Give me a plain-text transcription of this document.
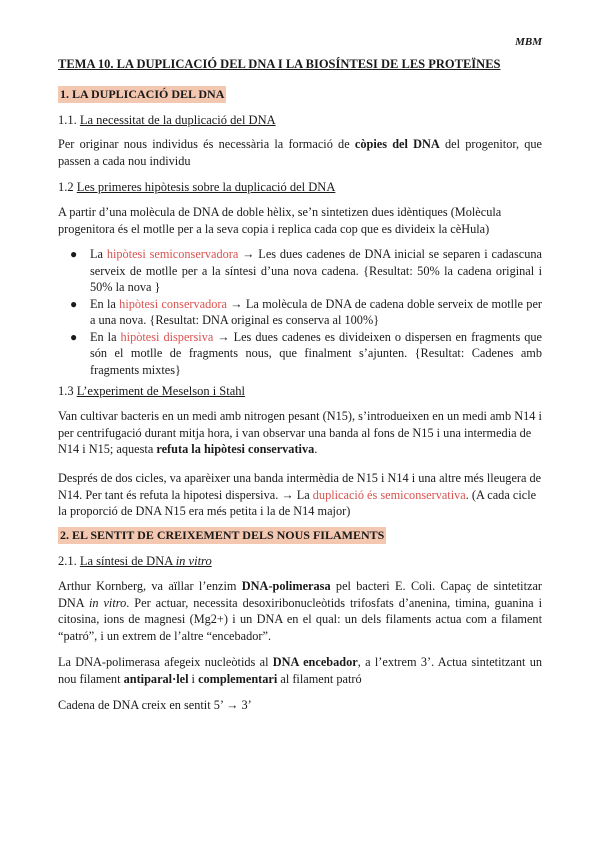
MBM
TEMA 10. LA DUPLICACIÓ DEL DNA I LA BIOSÍNTESI DE LES PROTEÏNES
1. LA DUPLICACIÓ DEL DNA
1.1. La necessitat de la duplicació del DNA
Per originar nous individus és necessària la formació de còpies del DNA del progenitor, que passen a cada nou individu
1.2 Les primeres hipòtesis sobre la duplicació del DNA
A partir d’una molècula de DNA de doble hèlix, se’n sintetizen dues idèntiques (Molècula progenitora és el motlle per a la seva copia i replica cada cop que es divideix la cèHula)
● La hipòtesi semiconservadora → Les dues cadenes de DNA inicial se separen i cadascuna serveix de motlle per a la síntesi d’una nova cadena. {Resultat: 50% la cadena original i 50% la nova }
● En la hipòtesi conservadora → La molècula de DNA de cadena doble serveix de motlle per a una nova. {Resultat: DNA original es conserva al 100%}
● En la hipòtesi dispersiva → Les dues cadenes es divideixen o dispersen en fragments que són el motlle de fragments nous, que finalment s’ajunten. {Resultat: Cadenes amb fragments mixtes}
1.3 L’experiment de Meselson i Stahl
Van cultivar bacteris en un medi amb nitrogen pesant (N15), s’introdueixen en un medi amb N14 i per centrifugació durant mitja hora, i van observar una banda al fons de N15 i una intermedia de N14 i N15; aquesta refuta la hipòtesi conservativa.
Després de dos cicles, va aparèixer una banda intermèdia de N15 i N14 i una altre més lleugera de N14. Per tant és refuta la hipotesi dispersiva. → La duplicació és semiconservativa. (A cada cicle la proporció de DNA N15 era més petita i la de N14 major)
2. EL SENTIT DE CREIXEMENT DELS NOUS FILAMENTS
2.1. La síntesi de DNA in vitro
Arthur Kornberg, va aïllar l’enzim DNA-polimerasa pel bacteri E. Coli. Capaç de sintetitzar DNA in vitro. Per actuar, necessita desoxiribonucleòtids trifosfats d’anenina, timina, guanina i citosina, ions de magnesi (Mg2+) i un DNA en el qual: un dels filaments actua com a filament “patró”, i un extrem de l’altre “encebador”.
La DNA-polimerasa afegeix nucleòtids al DNA encebador, a l’extrem 3’. Actua sintetitzant un nou filament antiparal·lel i complementari al filament patró
Cadena de DNA creix en sentit 5’ → 3’
